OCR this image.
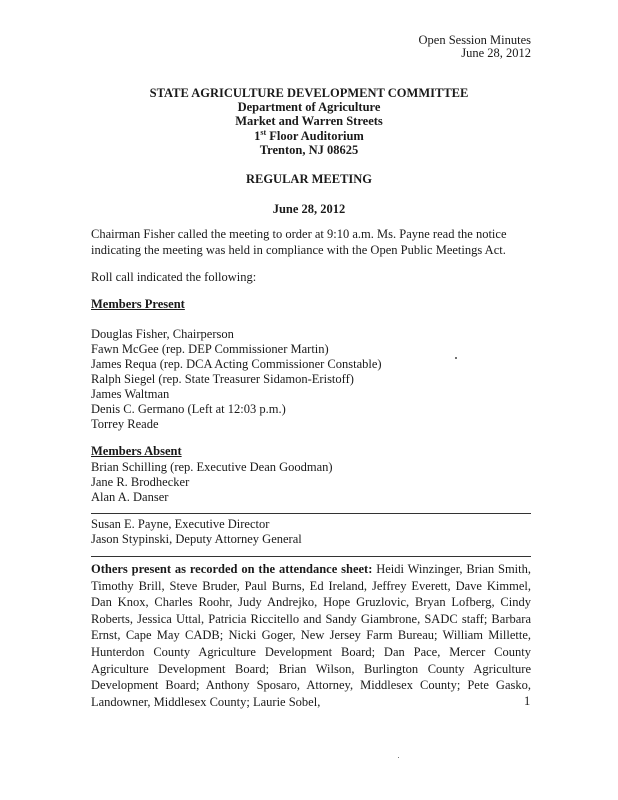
Open Session Minutes
June 28, 2012
STATE AGRICULTURE DEVELOPMENT COMMITTEE
Department of Agriculture
Market and Warren Streets
1st Floor Auditorium
Trenton, NJ 08625
REGULAR MEETING
June 28, 2012
Chairman Fisher called the meeting to order at 9:10 a.m. Ms. Payne read the notice indicating the meeting was held in compliance with the Open Public Meetings Act.
Roll call indicated the following:
Members Present
Douglas Fisher, Chairperson
Fawn McGee (rep. DEP Commissioner Martin)
James Requa (rep. DCA Acting Commissioner Constable)
Ralph Siegel (rep. State Treasurer Sidamon-Eristoff)
James Waltman
Denis C. Germano (Left at 12:03 p.m.)
Torrey Reade
Members Absent
Brian Schilling (rep. Executive Dean Goodman)
Jane R. Brodhecker
Alan A. Danser
Susan E. Payne, Executive Director
Jason Stypinski, Deputy Attorney General
Others present as recorded on the attendance sheet: Heidi Winzinger, Brian Smith, Timothy Brill, Steve Bruder, Paul Burns, Ed Ireland, Jeffrey Everett, Dave Kimmel, Dan Knox, Charles Roohr, Judy Andrejko, Hope Gruzlovic, Bryan Lofberg, Cindy Roberts, Jessica Uttal, Patricia Riccitello and Sandy Giambrone, SADC staff; Barbara Ernst, Cape May CADB; Nicki Goger, New Jersey Farm Bureau; William Millette, Hunterdon County Agriculture Development Board; Dan Pace, Mercer County Agriculture Development Board; Brian Wilson, Burlington County Agriculture Development Board; Anthony Sposaro, Attorney, Middlesex County; Pete Gasko, Landowner, Middlesex County; Laurie Sobel,	1
